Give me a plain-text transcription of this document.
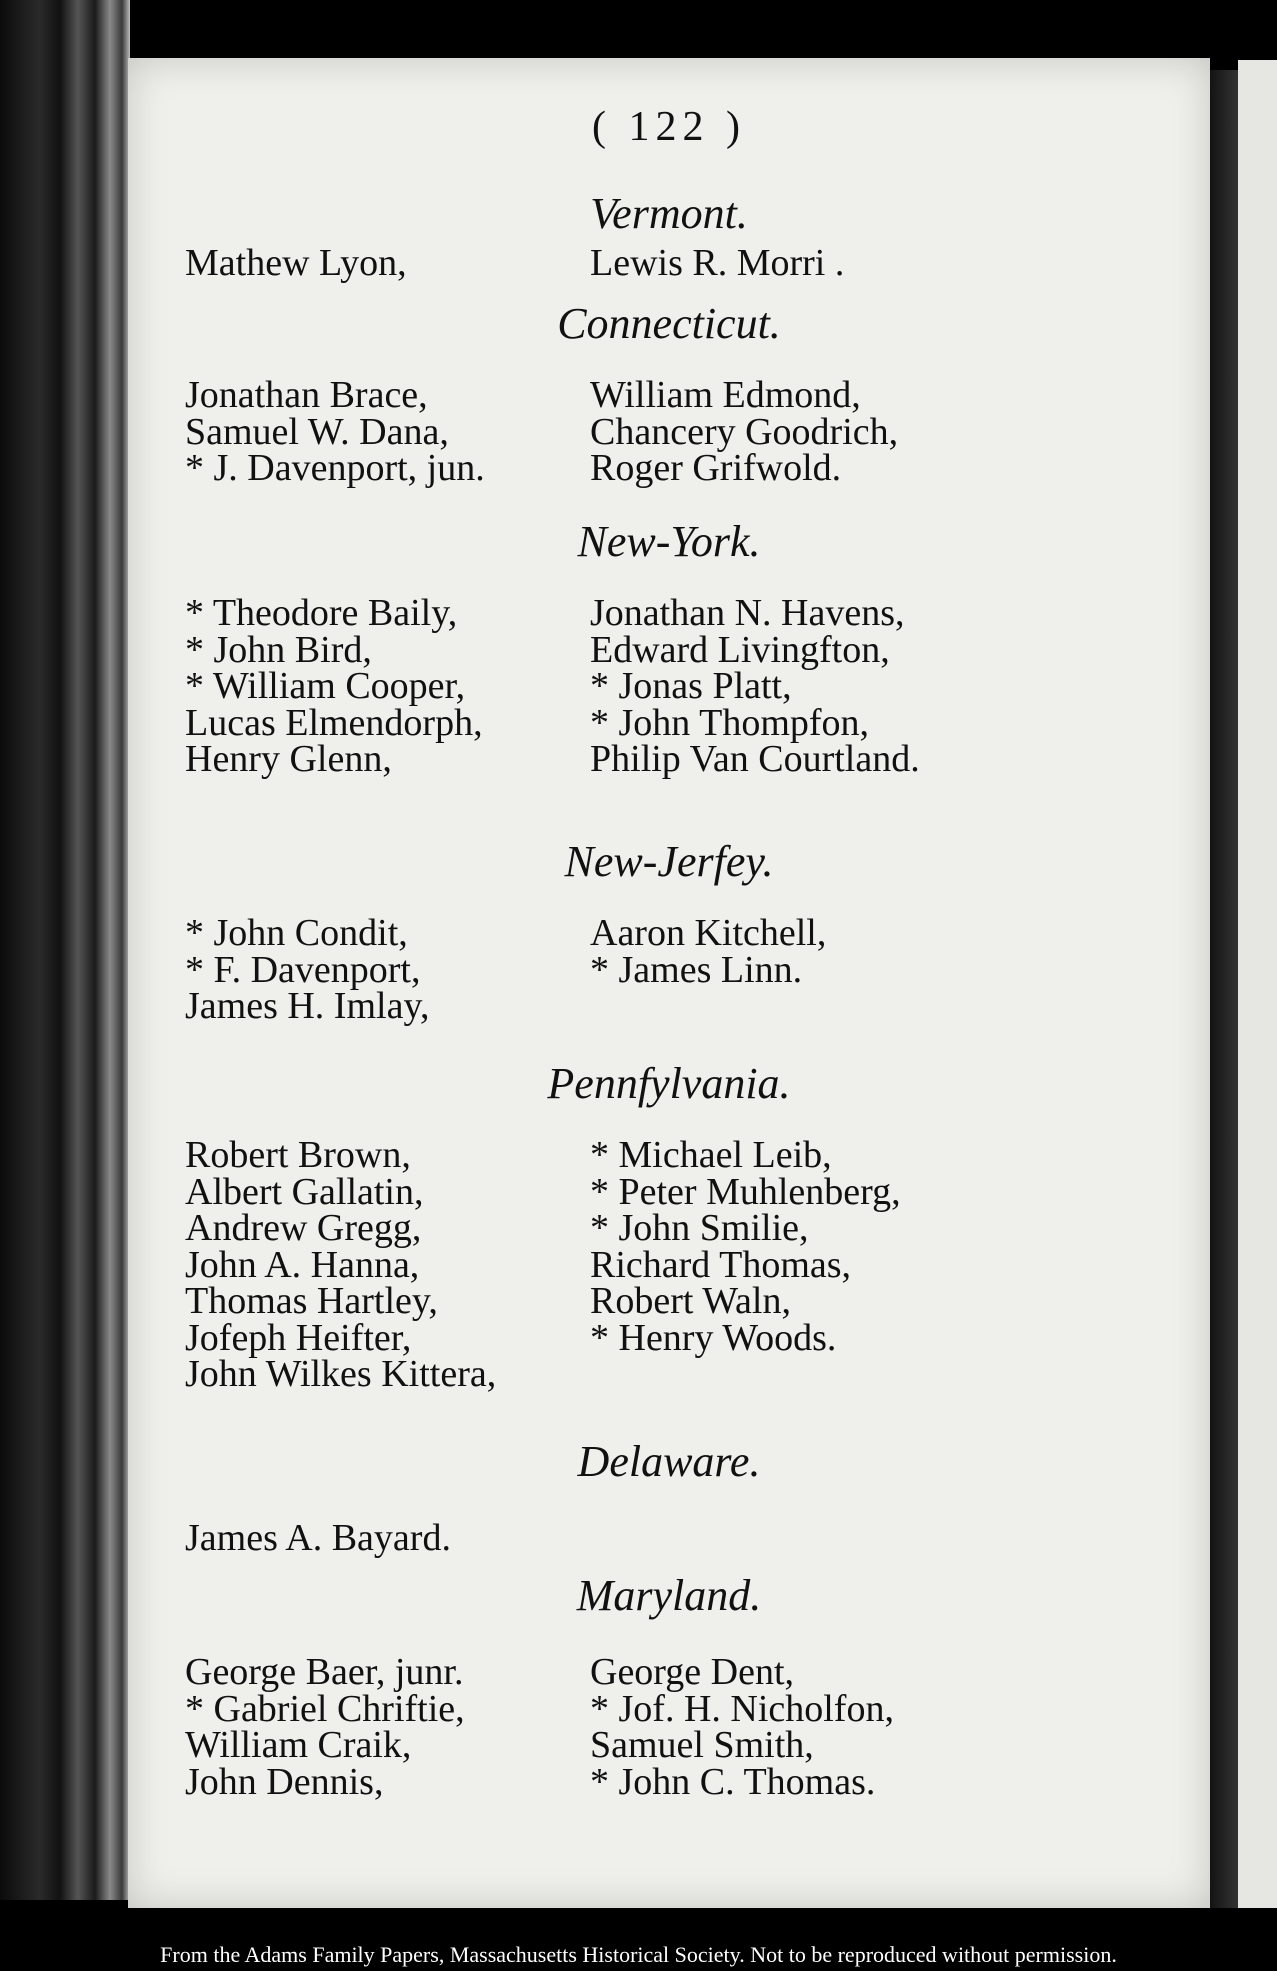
( 122 )
Vermont.
Mathew Lyon,	Lewis R. Morri .
Connecticut.
Jonathan Brace,
Samuel W. Dana,
* J. Davenport, jun.
William Edmond,
Chancery Goodrich,
Roger Grifwold.
New-York.
* Theodore Baily,
* John Bird,
* William Cooper,
Lucas Elmendorph,
Henry Glenn,
Jonathan N. Havens,
Edward Livingfton,
* Jonas Platt,
* John Thompfon,
Philip Van Courtland.
New-Jerfey.
* John Condit,
* F. Davenport,
James H. Imlay,
Aaron Kitchell,
* James Linn.
Pennfylvania.
Robert Brown,
Albert Gallatin,
Andrew Gregg,
John A. Hanna,
Thomas Hartley,
Jofeph Heifter,
John Wilkes Kittera,
* Michael Leib,
* Peter Muhlenberg,
* John Smilie,
Richard Thomas,
Robert Waln,
* Henry Woods.
Delaware.
James A. Bayard.
Maryland.
George Baer, junr.
* Gabriel Chriftie,
William Craik,
John Dennis,
George Dent,
* Jof. H. Nicholfon,
Samuel Smith,
* John C. Thomas.
From the Adams Family Papers, Massachusetts Historical Society. Not to be reproduced without permission.
